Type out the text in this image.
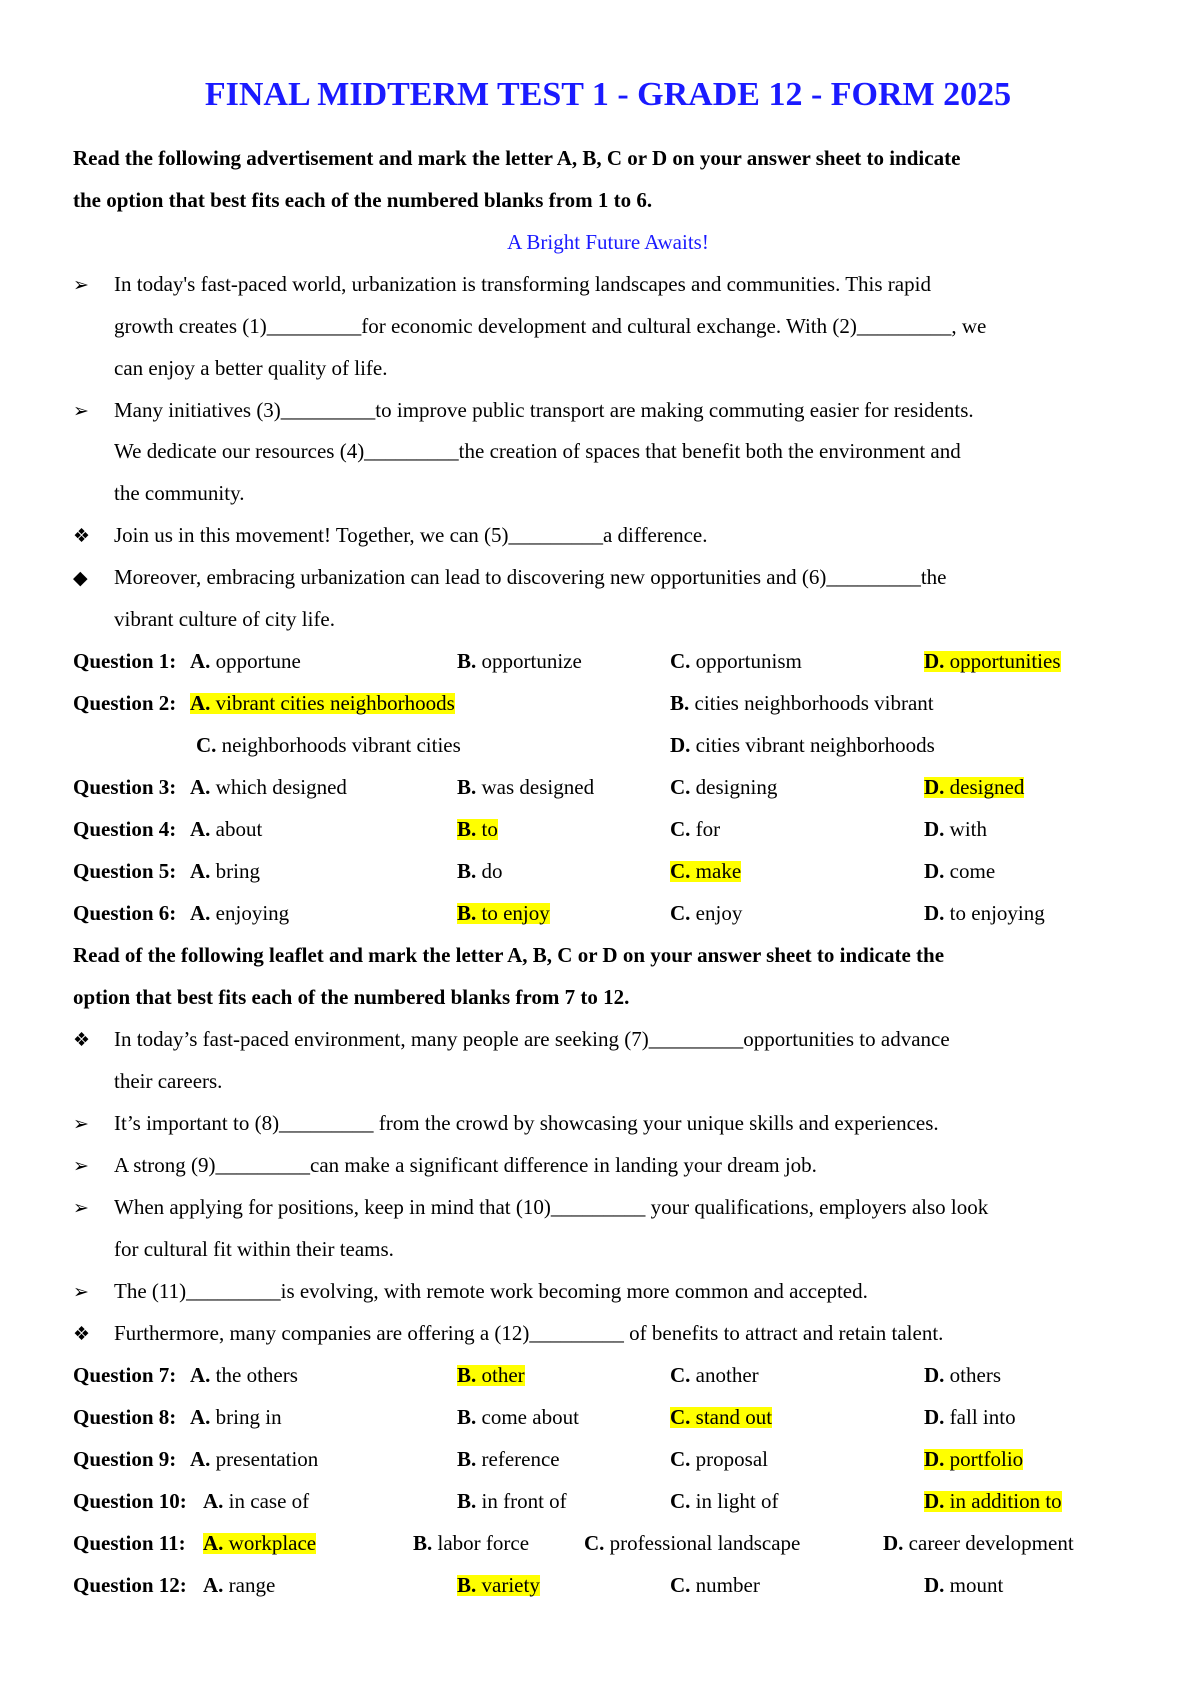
FINAL MIDTERM TEST 1 - GRADE 12 - FORM 2025
Read the following advertisement and mark the letter A, B, C or D on your answer sheet to indicate
the option that best fits each of the numbered blanks from 1 to 6.
A Bright Future Awaits!
➢	In today's fast-paced world, urbanization is transforming landscapes and communities. This rapid
growth creates (1)_________for economic development and cultural exchange. With (2)_________, we
can enjoy a better quality of life.
➢	Many initiatives (3)_________to improve public transport are making commuting easier for residents.
We dedicate our resources (4)_________the creation of spaces that benefit both the environment and
the community.
❖	Join us in this movement! Together, we can (5)_________a difference.
◆	Moreover, embracing urbanization can lead to discovering new opportunities and (6)_________the
vibrant culture of city life.
Question 1: A. opportune	B. opportunize	C. opportunism	D. opportunities
Question 2: A. vibrant cities neighborhoods	B. cities neighborhoods vibrant
C. neighborhoods vibrant cities	D. cities vibrant neighborhoods
Question 3: A. which designed	B. was designed	C. designing	D. designed
Question 4: A. about	B. to	C. for	D. with
Question 5: A. bring	B. do	C. make	D. come
Question 6: A. enjoying	B. to enjoy	C. enjoy	D. to enjoying
Read of the following leaflet and mark the letter A, B, C or D on your answer sheet to indicate the
option that best fits each of the numbered blanks from 7 to 12.
❖	In today’s fast-paced environment, many people are seeking (7)_________opportunities to advance
their careers.
➢	It’s important to (8)_________ from the crowd by showcasing your unique skills and experiences.
➢	A strong (9)_________can make a significant difference in landing your dream job.
➢	When applying for positions, keep in mind that (10)_________ your qualifications, employers also look
for cultural fit within their teams.
➢	The (11)_________is evolving, with remote work becoming more common and accepted.
❖	Furthermore, many companies are offering a (12)_________ of benefits to attract and retain talent.
Question 7: A. the others	B. other	C. another	D. others
Question 8: A. bring in	B. come about	C. stand out	D. fall into
Question 9: A. presentation	B. reference	C. proposal	D. portfolio
Question 10: A. in case of	B. in front of	C. in light of	D. in addition to
Question 11: A. workplace	B. labor force	C. professional landscape	D. career development
Question 12: A. range	B. variety	C. number	D. mount
